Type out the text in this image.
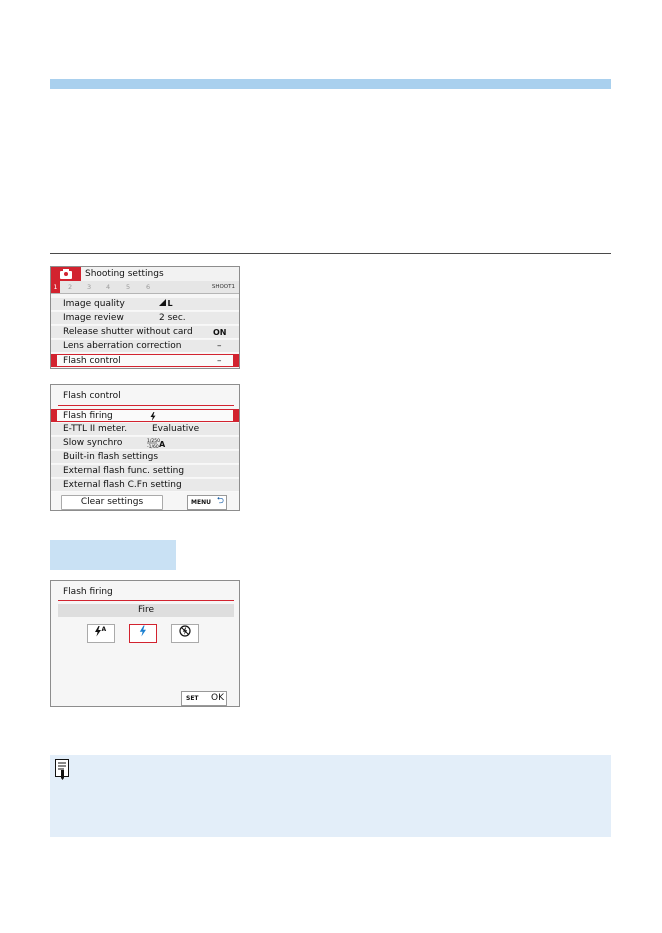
Shooting settings
1	2 3 4 5 6	SHOOT1
Image quality	L
Image review	2 sec.
Release shutter without card	ON
Lens aberration correction	–
Flash control	–
Flash control
Flash firing
E-TTL II meter.	Evaluative
Slow synchro	1/250
-1/60 A
Built-in flash settings
External flash func. setting
External flash C.Fn setting
Clear settings	MENU ⮌
Flash firing
Fire
A
SET OK
